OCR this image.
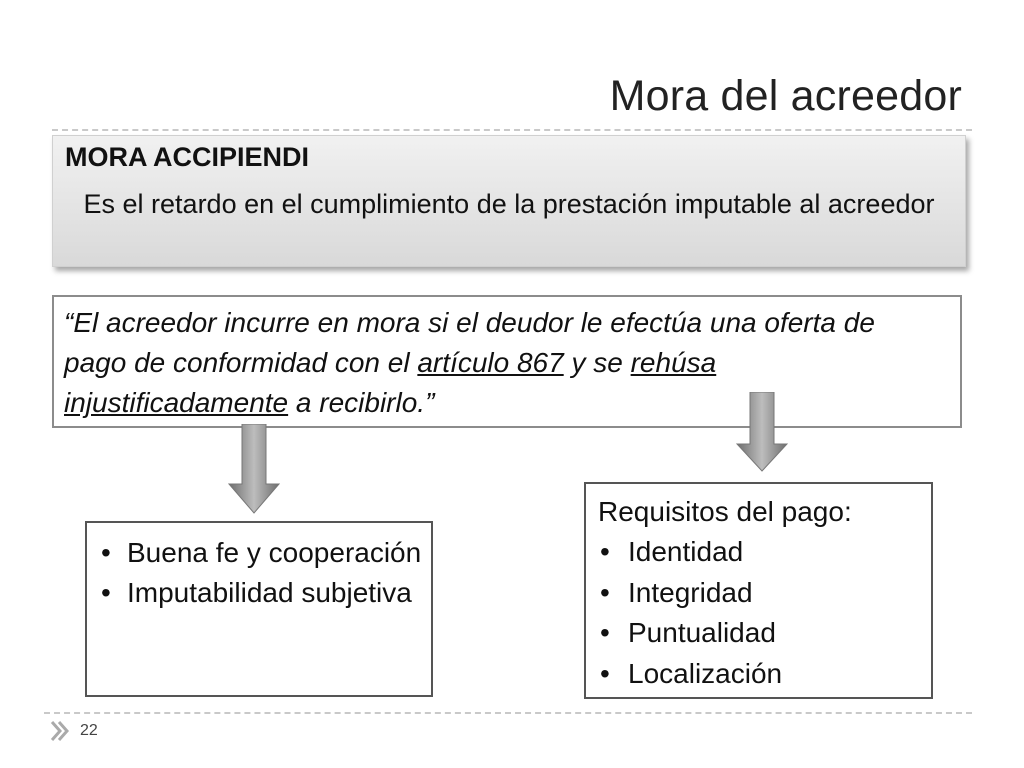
Mora del acreedor
MORA ACCIPIENDI
Es el retardo en el cumplimiento de la prestación imputable al acreedor
“El acreedor incurre en mora si el deudor le efectúa una oferta de pago de conformidad con el artículo 867 y se rehúsa injustificadamente a recibirlo.”
• Buena fe y cooperación
• Imputabilidad subjetiva
Requisitos del pago:
• Identidad
• Integridad
• Puntualidad
• Localización
22
